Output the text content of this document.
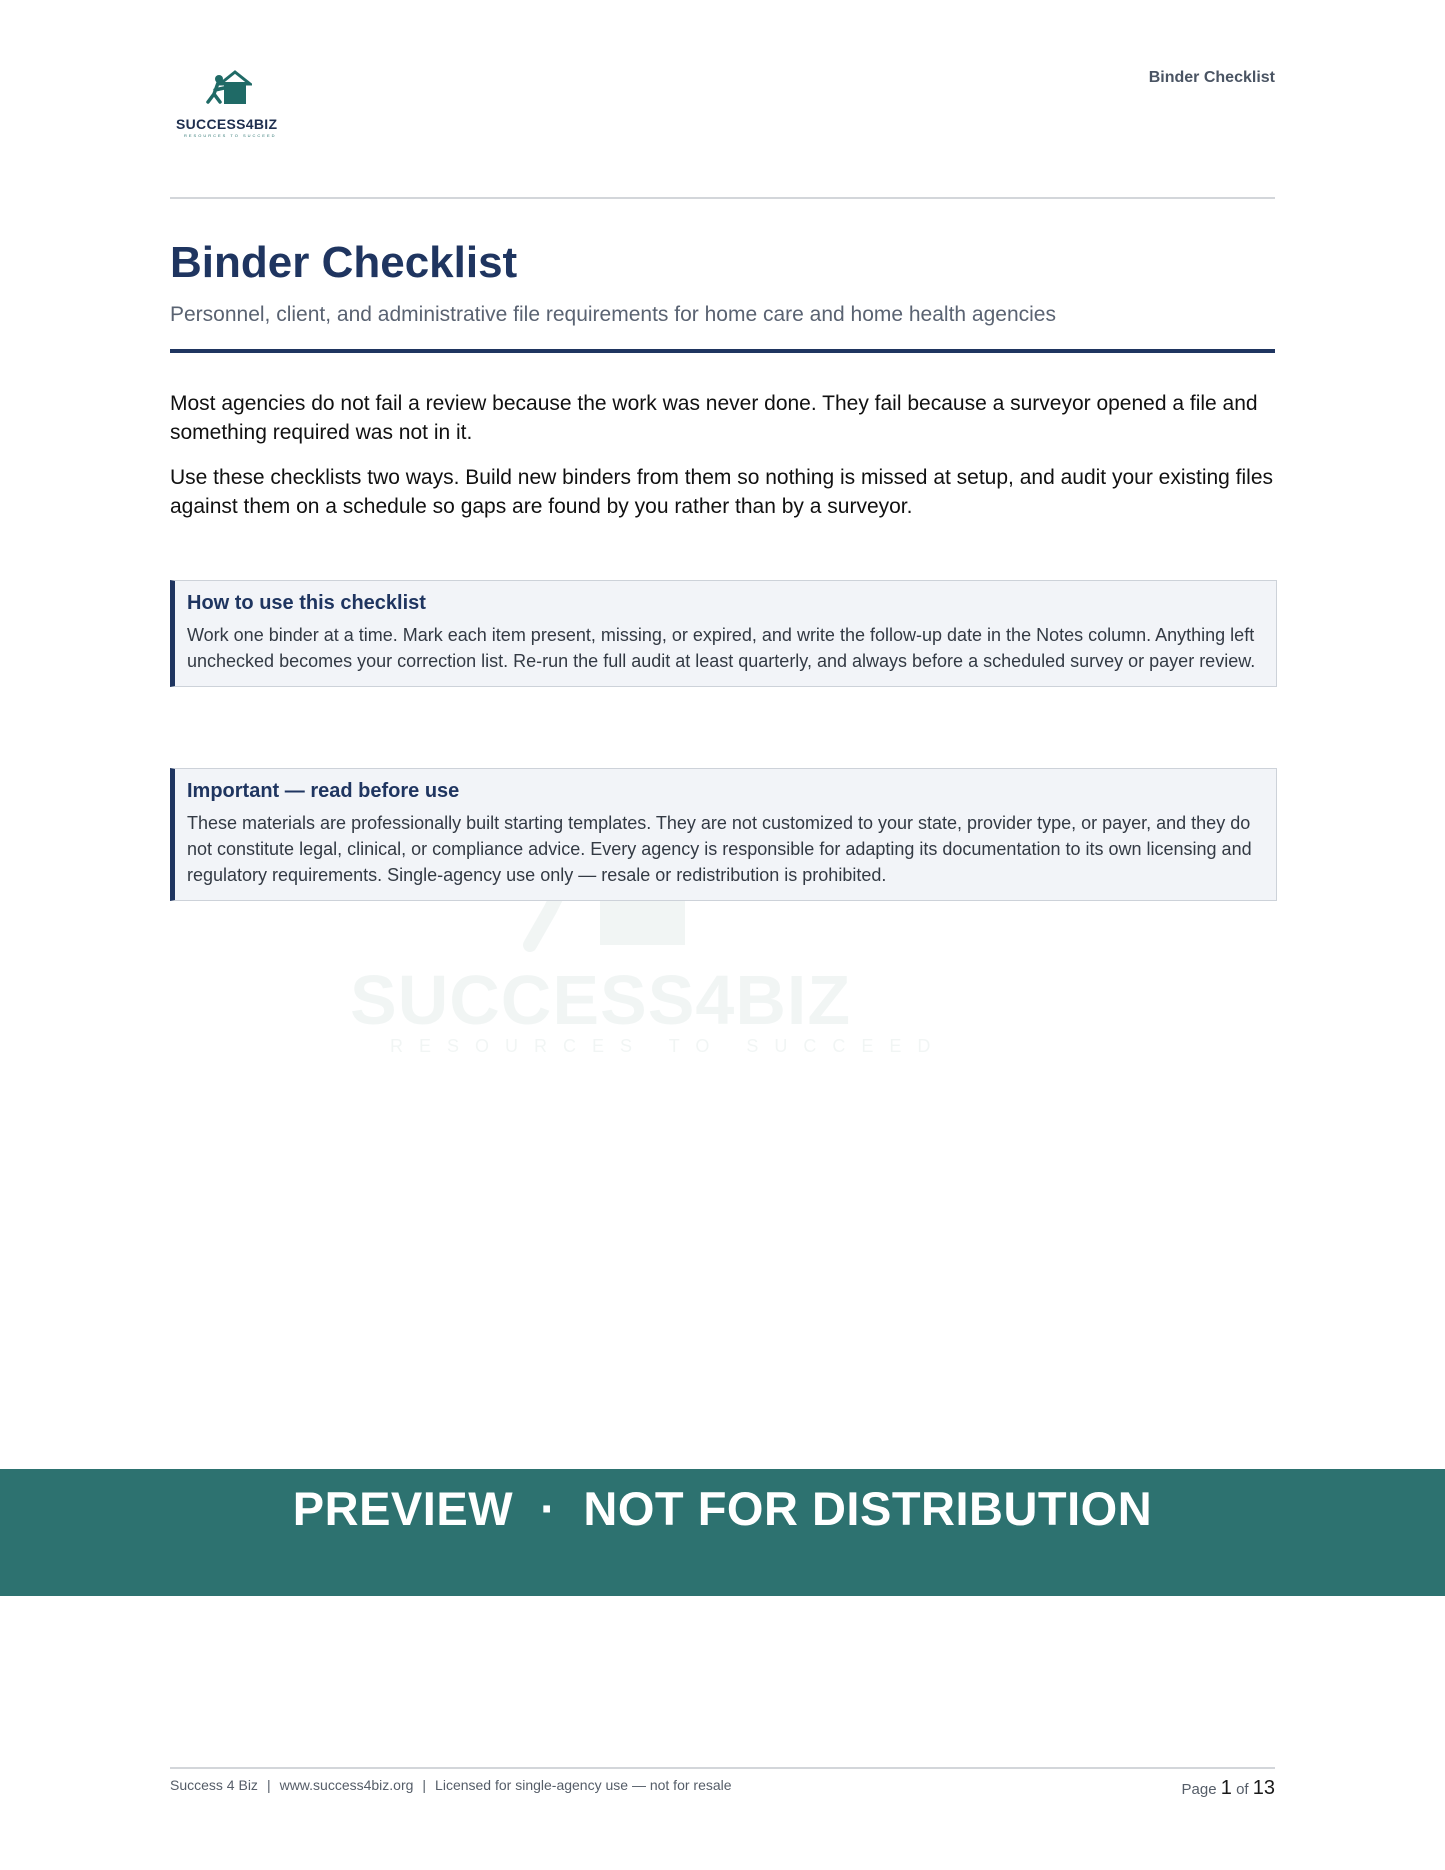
SUCCESS4BIZ
RESOURCES TO SUCCEED
Binder Checklist
Binder Checklist
Personnel, client, and administrative file requirements for home care and home health agencies

Most agencies do not fail a review because the work was never done. They fail because a surveyor opened a file and something required was not in it.

Use these checklists two ways. Build new binders from them so nothing is missed at setup, and audit your existing files against them on a schedule so gaps are found by you rather than by a surveyor.

SUCCESS4BIZ
RESOURCES TO SUCCEED
How to use this checklist

Work one binder at a time. Mark each item present, missing, or expired, and write the follow-up date in the Notes column. Anything left unchecked becomes your correction list. Re-run the full audit at least quarterly, and always before a scheduled survey or payer review.

Important — read before use

These materials are professionally built starting templates. They are not customized to your state, provider type, or payer, and they do not constitute legal, clinical, or compliance advice. Every agency is responsible for adapting its documentation to its own licensing and regulatory requirements. Single-agency use only — resale or redistribution is prohibited.

PREVIEW  ·  NOT FOR DISTRIBUTION
Success 4 Biz | www.success4biz.org | Licensed for single-agency use — not for resale	Page 1 of 13
